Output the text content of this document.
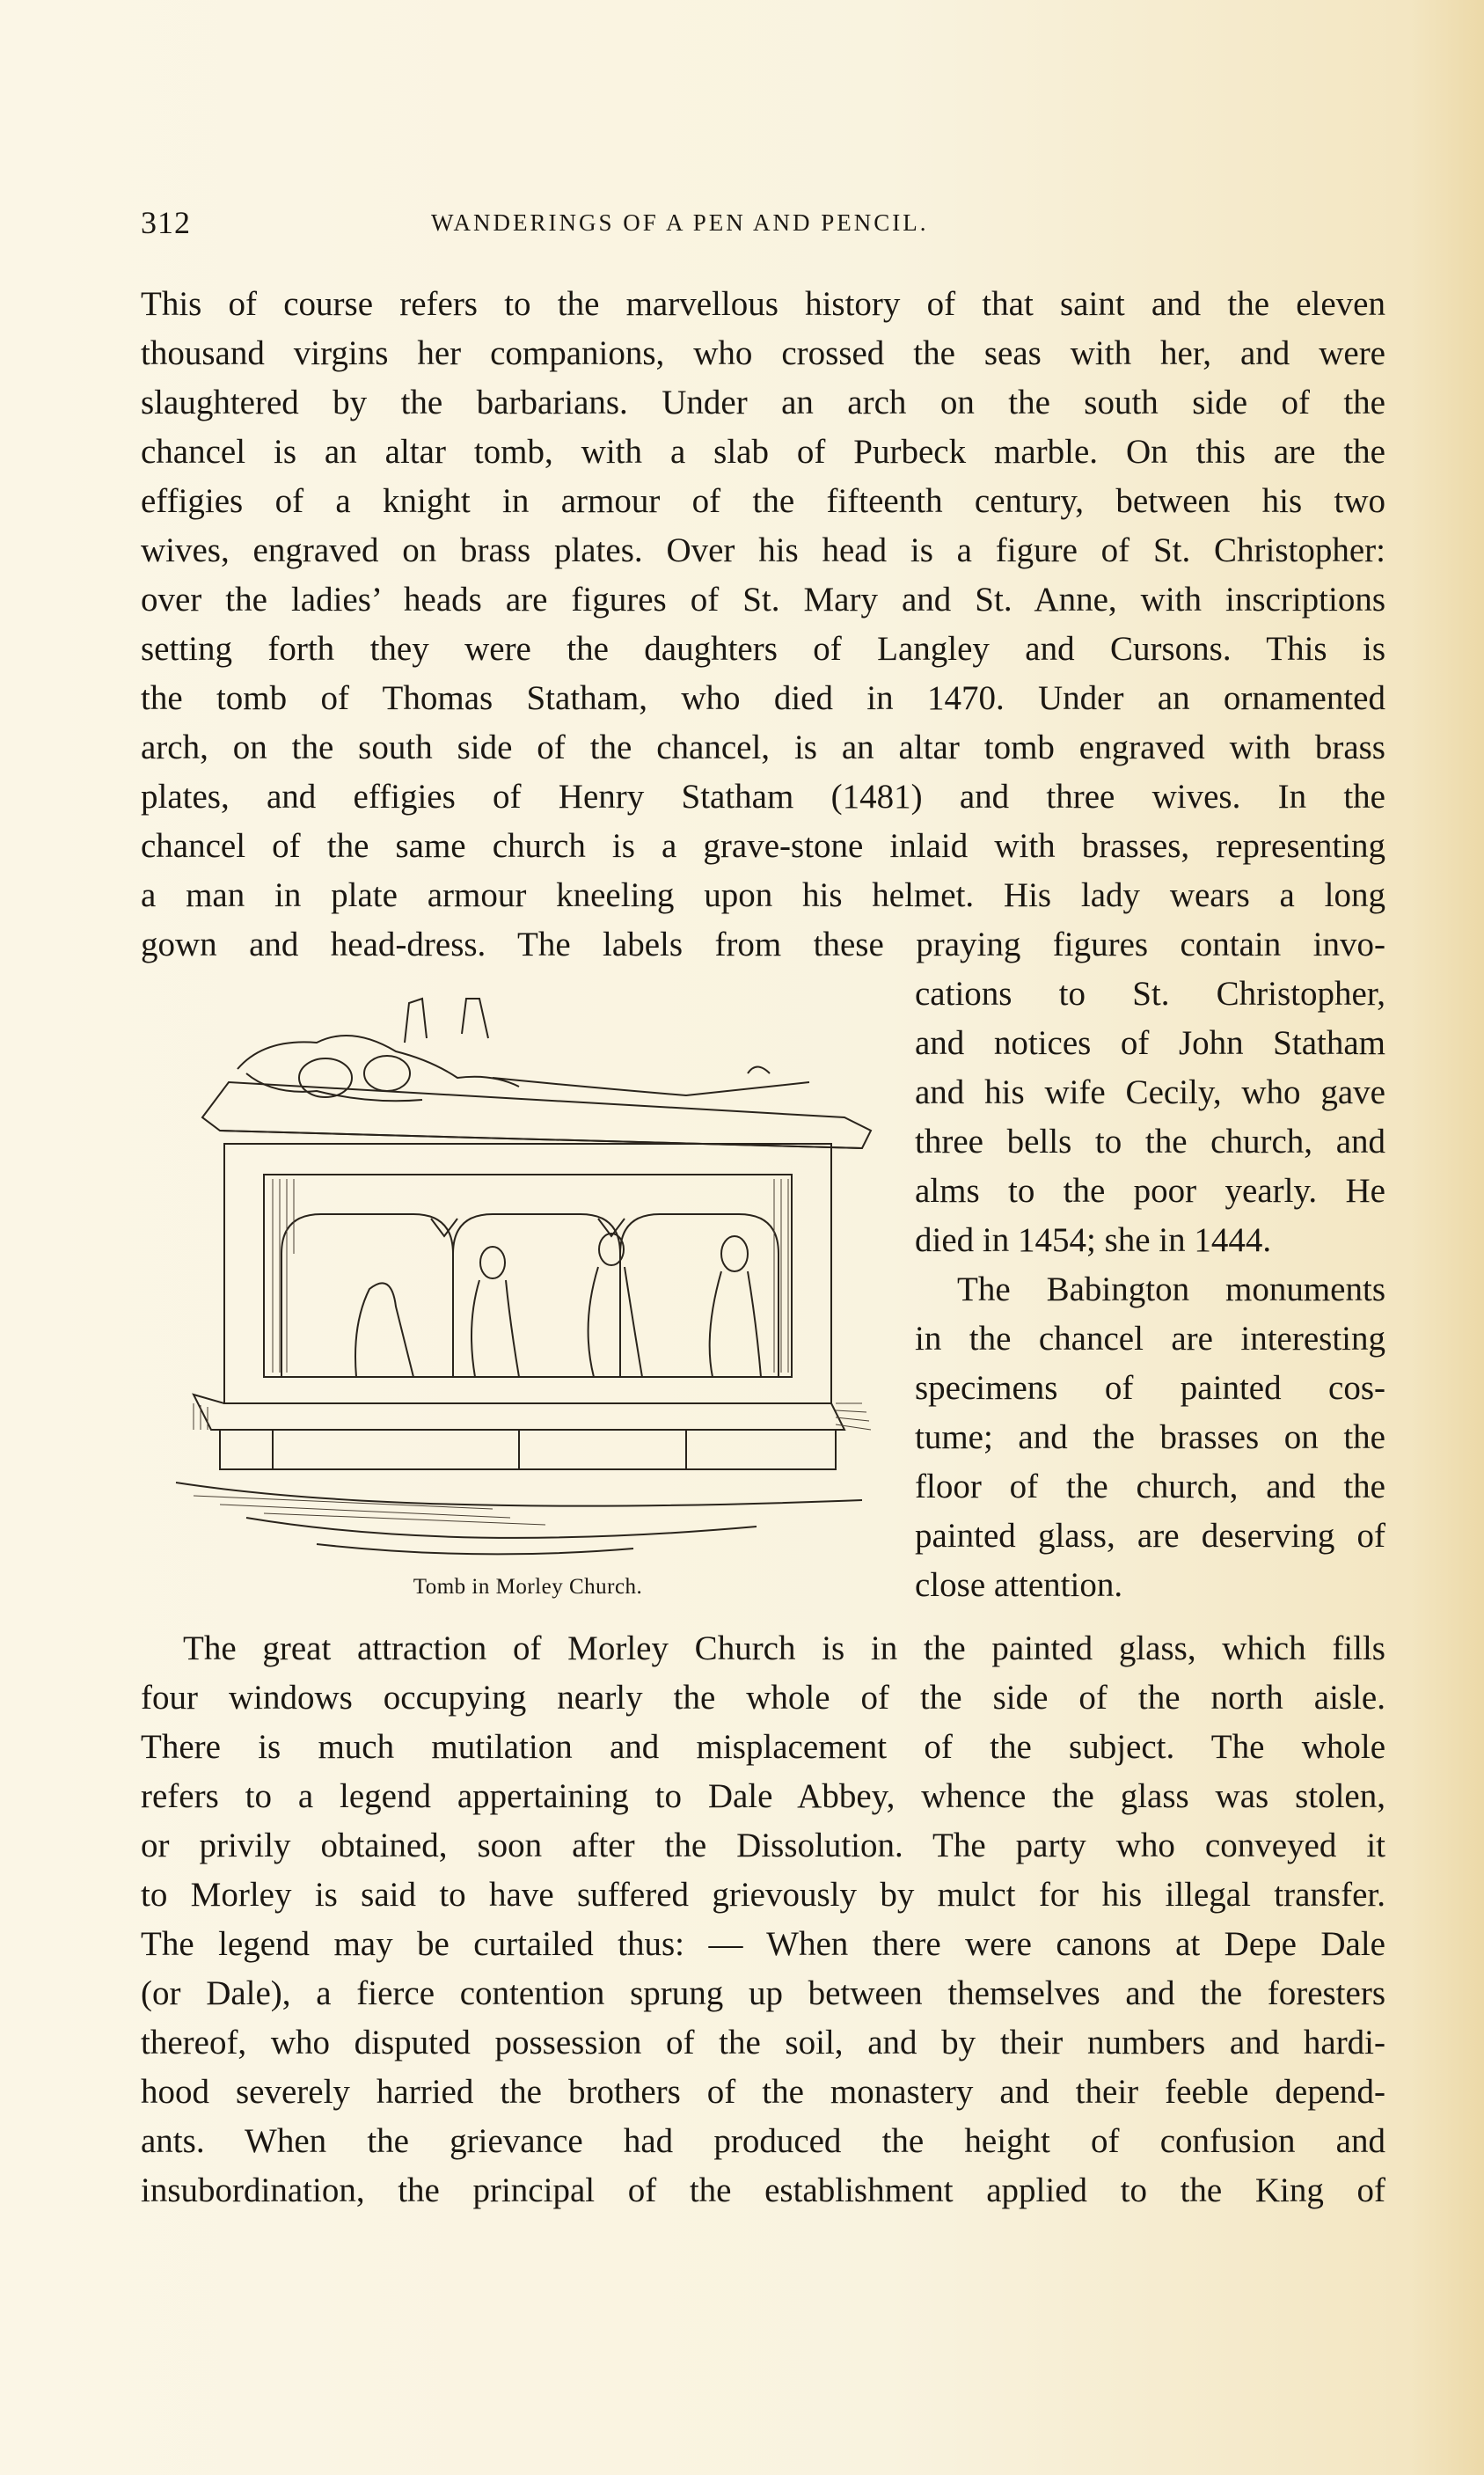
312	WANDERINGS OF A PEN AND PENCIL.
This of course refers to the marvellous history of that saint and the eleven
thousand virgins her companions, who crossed the seas with her, and were
slaughtered by the barbarians. Under an arch on the south side of the
chancel is an altar tomb, with a slab of Purbeck marble. On this are the
effigies of a knight in armour of the fifteenth century, between his two
wives, engraved on brass plates. Over his head is a figure of St. Christopher:
over the ladies’ heads are figures of St. Mary and St. Anne, with inscriptions
setting forth they were the daughters of Langley and Cursons. This is
the tomb of Thomas Statham, who died in 1470. Under an ornamented
arch, on the south side of the chancel, is an altar tomb engraved with brass
plates, and effigies of Henry Statham (1481) and three wives. In the
chancel of the same church is a grave-stone inlaid with brasses, representing
a man in plate armour kneeling upon his helmet. His lady wears a long
gown and head-dress. The labels from these praying figures contain invo-
cations to St. Christopher,
and notices of John Statham
and his wife Cecily, who gave
three bells to the church, and
alms to the poor yearly. He
died in 1454; she in 1444.
The Babington monuments
in the chancel are interesting
specimens of painted cos-
tume; and the brasses on the
floor of the church, and the
painted glass, are deserving of
close attention.
Tomb in Morley Church.
The great attraction of Morley Church is in the painted glass, which fills
four windows occupying nearly the whole of the side of the north aisle.
There is much mutilation and misplacement of the subject. The whole
refers to a legend appertaining to Dale Abbey, whence the glass was stolen,
or privily obtained, soon after the Dissolution. The party who conveyed it
to Morley is said to have suffered grievously by mulct for his illegal transfer.
The legend may be curtailed thus: — When there were canons at Depe Dale
(or Dale), a fierce contention sprung up between themselves and the foresters
thereof, who disputed possession of the soil, and by their numbers and hardi-
hood severely harried the brothers of the monastery and their feeble depend-
ants. When the grievance had produced the height of confusion and
insubordination, the principal of the establishment applied to the King of
